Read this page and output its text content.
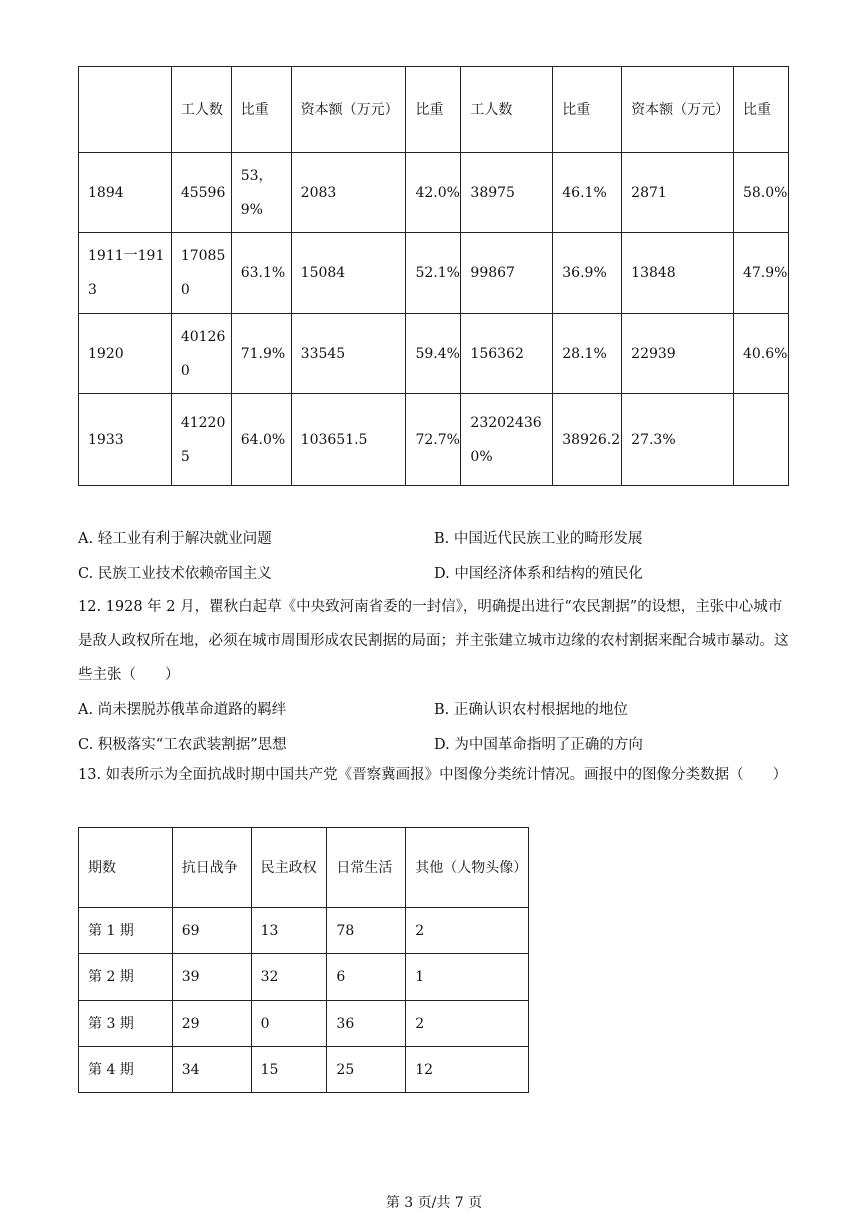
	工人数	比重	资本额（万元）	比重	工人数	比重	资本额（万元）	比重
1894	45596	53，9%	2083	42.0%	38975	46.1%	2871	58.0%
1911一1913	170850	63.1%	15084	52.1%	99867	36.9%	13848	47.9%
1920	401260	71.9%	33545	59.4%	156362	28.1%	22939	40.6%
1933	412205	64.0%	103651.5	72.7%	232024360%	38926.2	27.3%	
A. 轻工业有利于解决就业问题	B. 中国近代民族工业的畸形发展
C. 民族工业技术依赖帝国主义	D. 中国经济体系和结构的殖民化
12. 1928 年 2 月，瞿秋白起草《中央致河南省委的一封信》，明确提出进行“农民割据”的设想，主张中心城市是敌人政权所在地，必须在城市周围形成农民割据的局面；并主张建立城市边缘的农村割据来配合城市暴动。这些主张（　　）
A. 尚未摆脱苏俄革命道路的羁绊	B. 正确认识农村根据地的地位
C. 积极落实“工农武装割据”思想	D. 为中国革命指明了正确的方向
13. 如表所示为全面抗战时期中国共产党《晋察冀画报》中图像分类统计情况。画报中的图像分类数据（　　）
期数	抗日战争	民主政权	日常生活	其他（人物头像）
第 1 期	69	13	78	2
第 2 期	39	32	6	1
第 3 期	29	0	36	2
第 4 期	34	15	25	12
第 3 页/共 7 页
